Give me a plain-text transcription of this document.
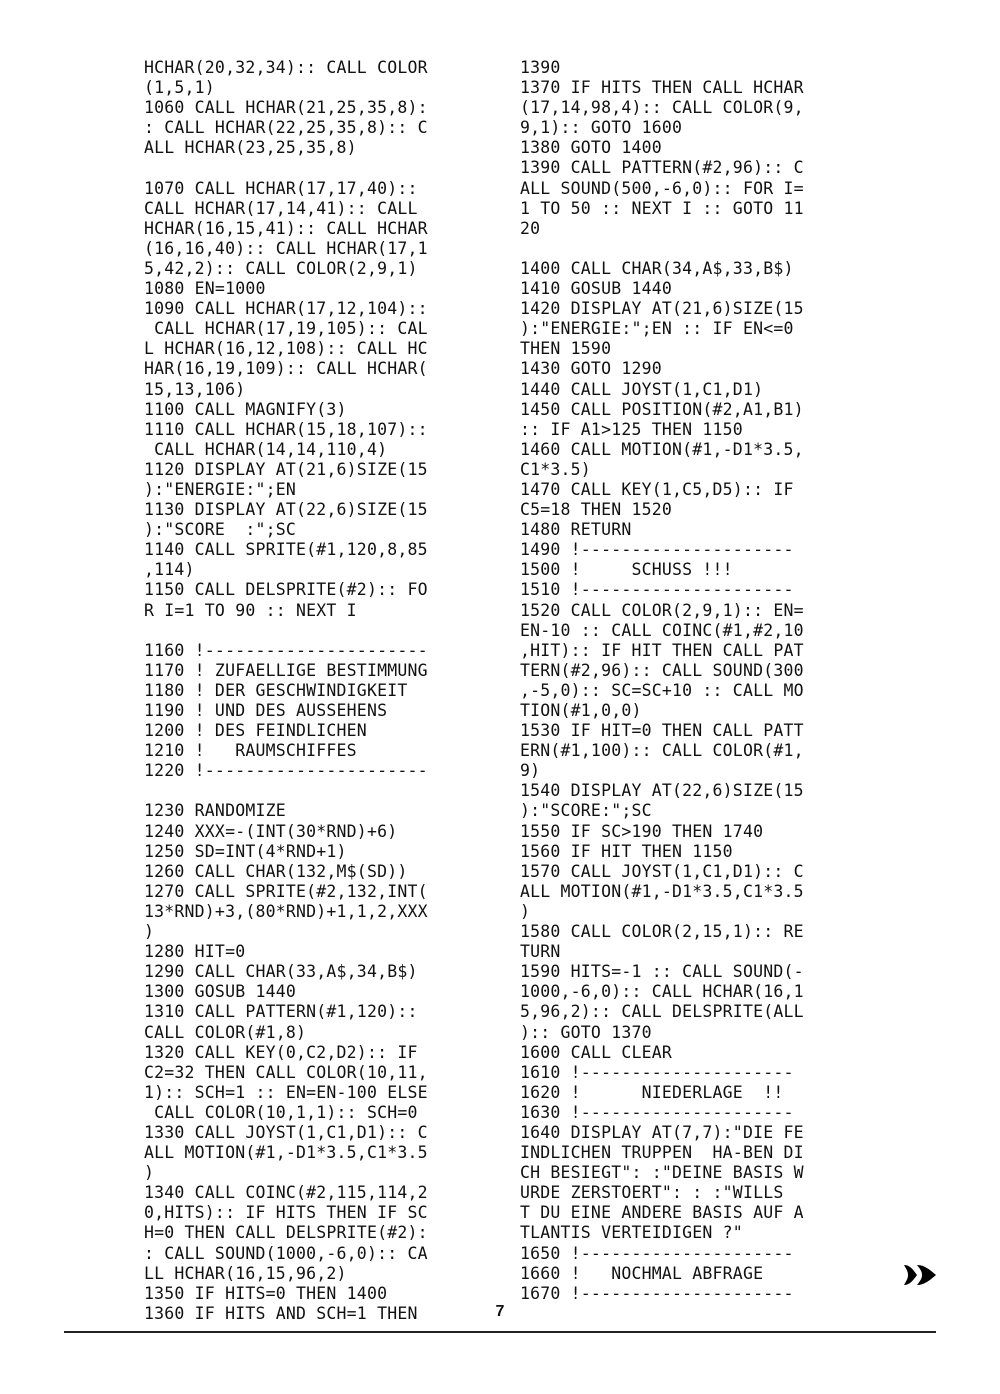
HCHAR(20,32,34):: CALL COLOR
(1,5,1)
1060 CALL HCHAR(21,25,35,8):
: CALL HCHAR(22,25,35,8):: C
ALL HCHAR(23,25,35,8)

1070 CALL HCHAR(17,17,40)::
CALL HCHAR(17,14,41):: CALL
HCHAR(16,15,41):: CALL HCHAR
(16,16,40):: CALL HCHAR(17,1
5,42,2):: CALL COLOR(2,9,1)
1080 EN=1000
1090 CALL HCHAR(17,12,104)::
CALL HCHAR(17,19,105):: CAL
L HCHAR(16,12,108):: CALL HC
HAR(16,19,109):: CALL HCHAR(
15,13,106)
1100 CALL MAGNIFY(3)
1110 CALL HCHAR(15,18,107)::
CALL HCHAR(14,14,110,4)
1120 DISPLAY AT(21,6)SIZE(15
):"ENERGIE:";EN
1130 DISPLAY AT(22,6)SIZE(15
):"SCORE  :";SC
1140 CALL SPRITE(#1,120,8,85
,114)
1150 CALL DELSPRITE(#2):: FO
R I=1 TO 90 :: NEXT I

1160 !----------------------
1170 ! ZUFAELLIGE BESTIMMUNG
1180 ! DER GESCHWINDIGKEIT
1190 ! UND DES AUSSEHENS
1200 ! DES FEINDLICHEN
1210 !   RAUMSCHIFFES
1220 !----------------------

1230 RANDOMIZE
1240 XXX=-(INT(30*RND)+6)
1250 SD=INT(4*RND+1)
1260 CALL CHAR(132,M$(SD))
1270 CALL SPRITE(#2,132,INT(
13*RND)+3,(80*RND)+1,1,2,XXX
)
1280 HIT=0
1290 CALL CHAR(33,A$,34,B$)
1300 GOSUB 1440
1310 CALL PATTERN(#1,120)::
CALL COLOR(#1,8)
1320 CALL KEY(0,C2,D2):: IF
C2=32 THEN CALL COLOR(10,11,
1):: SCH=1 :: EN=EN-100 ELSE
CALL COLOR(10,1,1):: SCH=0
1330 CALL JOYST(1,C1,D1):: C
ALL MOTION(#1,-D1*3.5,C1*3.5
)
1340 CALL COINC(#2,115,114,2
0,HITS):: IF HITS THEN IF SC
H=0 THEN CALL DELSPRITE(#2):
: CALL SOUND(1000,-6,0):: CA
LL HCHAR(16,15,96,2)
1350 IF HITS=0 THEN 1400
1360 IF HITS AND SCH=1 THEN
1390
1370 IF HITS THEN CALL HCHAR
(17,14,98,4):: CALL COLOR(9,
9,1):: GOTO 1600
1380 GOTO 1400
1390 CALL PATTERN(#2,96):: C
ALL SOUND(500,-6,0):: FOR I=
1 TO 50 :: NEXT I :: GOTO 11
20

1400 CALL CHAR(34,A$,33,B$)
1410 GOSUB 1440
1420 DISPLAY AT(21,6)SIZE(15
):"ENERGIE:";EN :: IF EN<=0
THEN 1590
1430 GOTO 1290
1440 CALL JOYST(1,C1,D1)
1450 CALL POSITION(#2,A1,B1)
:: IF A1>125 THEN 1150
1460 CALL MOTION(#1,-D1*3.5,
C1*3.5)
1470 CALL KEY(1,C5,D5):: IF
C5=18 THEN 1520
1480 RETURN
1490 !---------------------
1500 !     SCHUSS !!!
1510 !---------------------
1520 CALL COLOR(2,9,1):: EN=
EN-10 :: CALL COINC(#1,#2,10
,HIT):: IF HIT THEN CALL PAT
TERN(#2,96):: CALL SOUND(300
,-5,0):: SC=SC+10 :: CALL MO
TION(#1,0,0)
1530 IF HIT=0 THEN CALL PATT
ERN(#1,100):: CALL COLOR(#1,
9)
1540 DISPLAY AT(22,6)SIZE(15
):"SCORE:";SC
1550 IF SC>190 THEN 1740
1560 IF HIT THEN 1150
1570 CALL JOYST(1,C1,D1):: C
ALL MOTION(#1,-D1*3.5,C1*3.5
)
1580 CALL COLOR(2,15,1):: RE
TURN
1590 HITS=-1 :: CALL SOUND(-
1000,-6,0):: CALL HCHAR(16,1
5,96,2):: CALL DELSPRITE(ALL
):: GOTO 1370
1600 CALL CLEAR
1610 !---------------------
1620 !      NIEDERLAGE  !!
1630 !---------------------
1640 DISPLAY AT(7,7):"DIE FE
INDLICHEN TRUPPEN  HA-BEN DI
CH BESIEGT": :"DEINE BASIS W
URDE ZERSTOERT": : :"WILLS
T DU EINE ANDERE BASIS AUF A
TLANTIS VERTEIDIGEN ?"
1650 !---------------------
1660 !   NOCHMAL ABFRAGE
1670 !---------------------
7
